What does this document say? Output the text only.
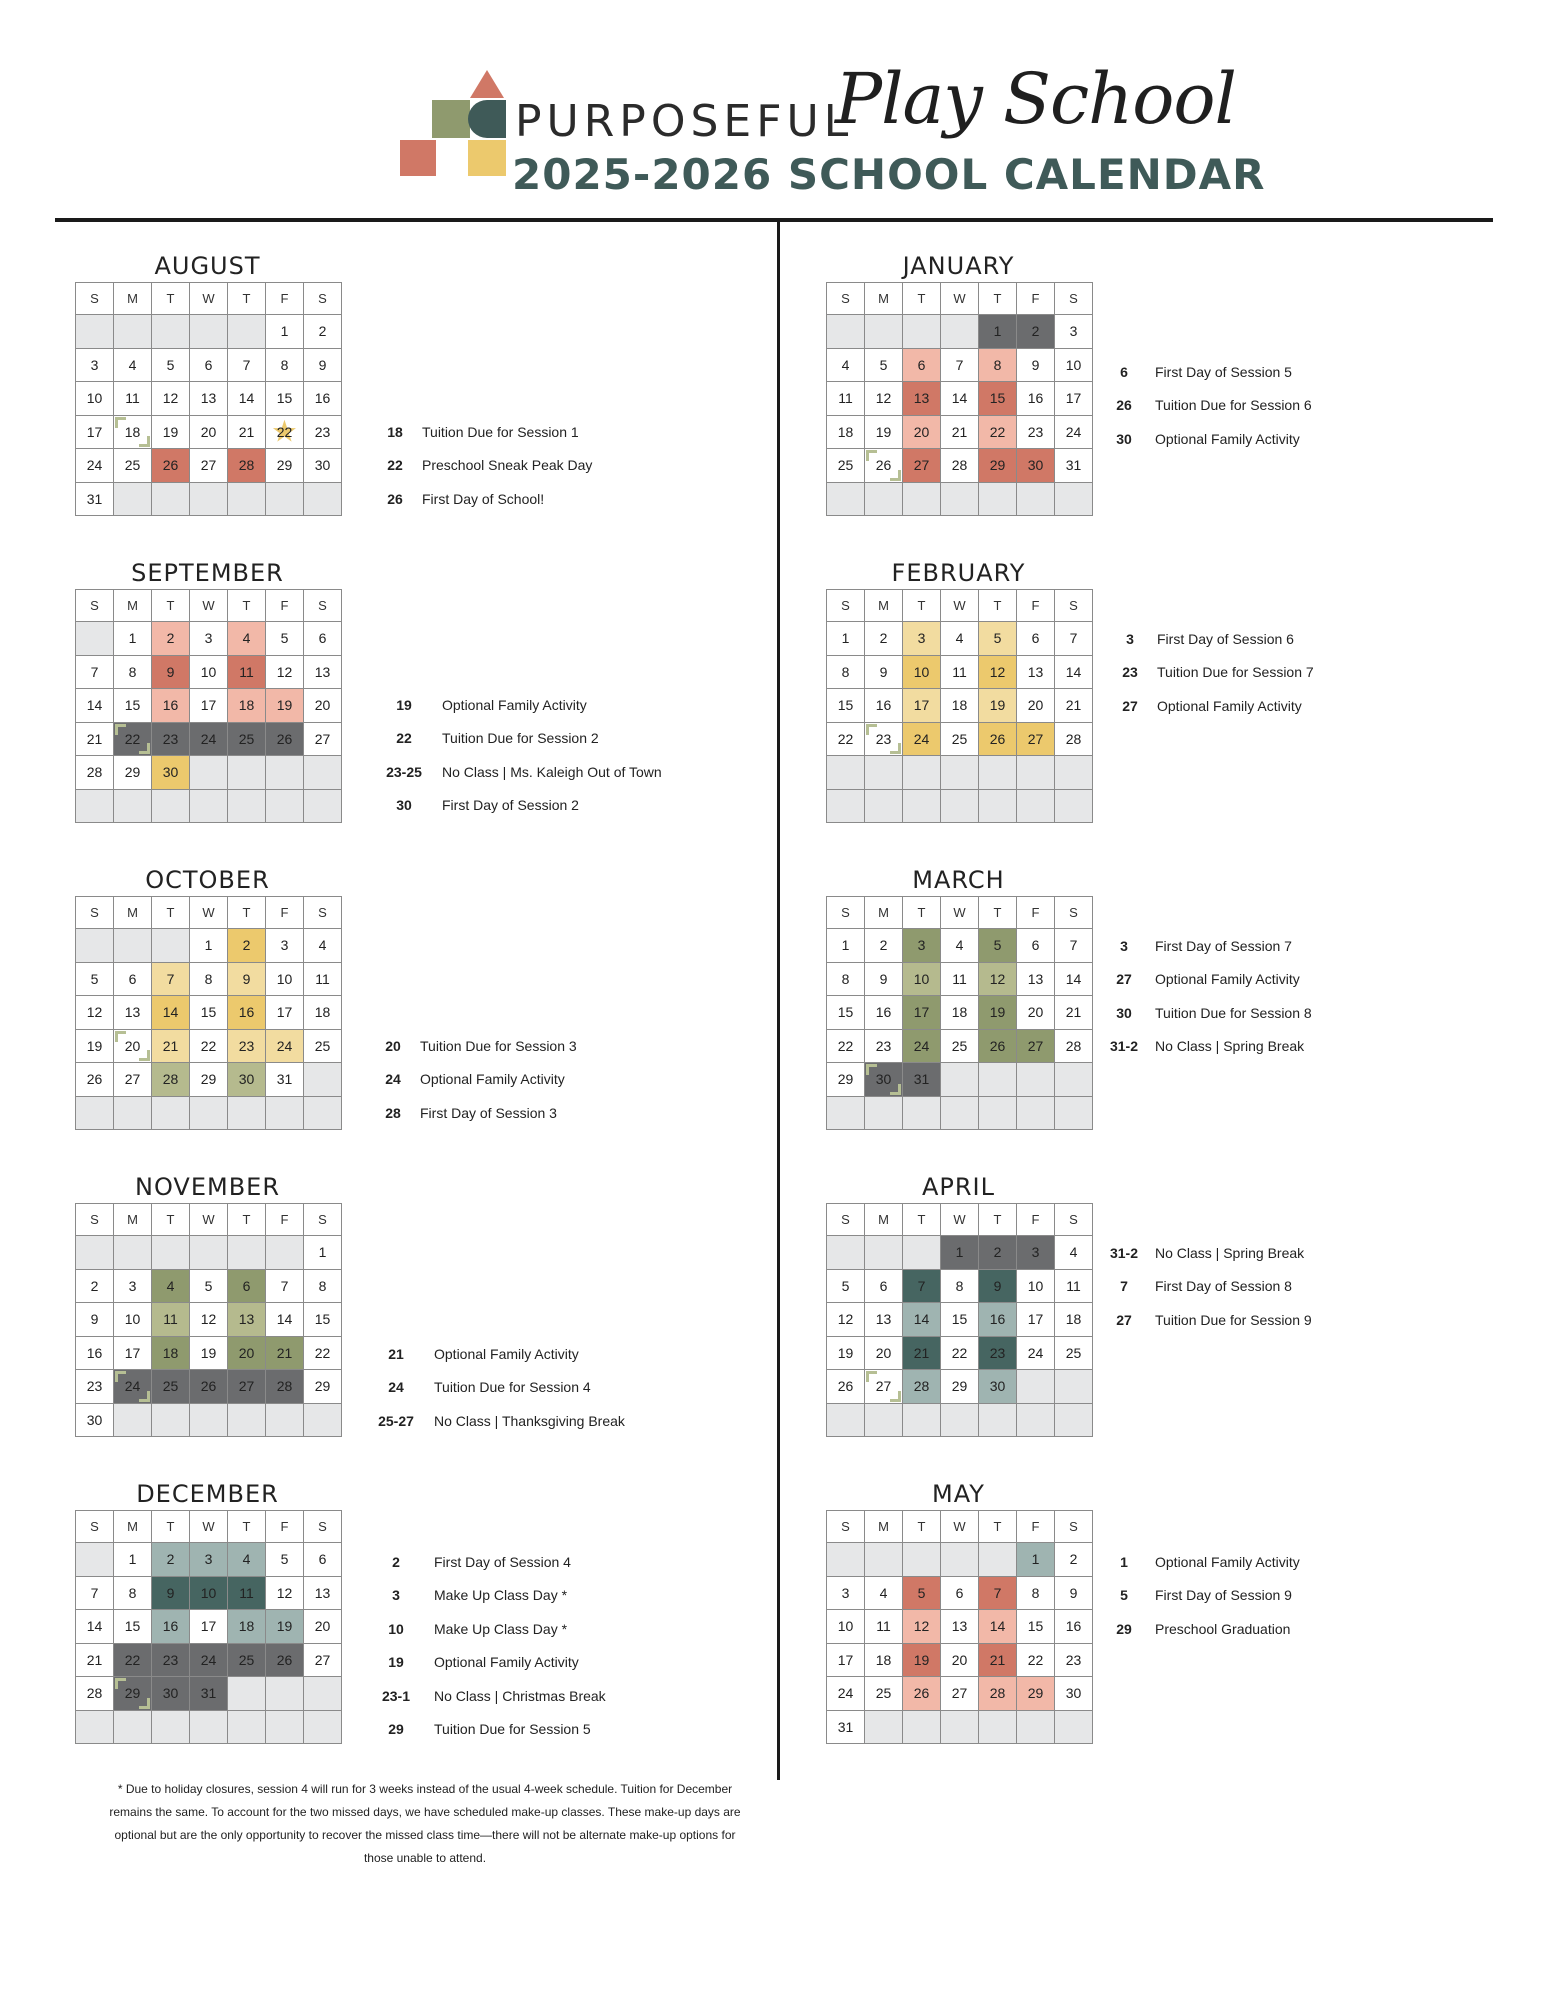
PURPOSEFUL
Play School
2025-2026 SCHOOL CALENDAR
AUGUST
S	M	T	W	T	F	S
1 2
3 4 5 6 7 8 9
10 11 12 13 14 15 16
17 18 19 20 21
★ 22 23
24 25 26 27 28 29 30
31
18	Tuition Due for Session 1
22	Preschool Sneak Peak Day
26	First Day of School!
SEPTEMBER
S	M	T	W	T	F	S
1 2 3 4 5 6
7 8 9 10 11 12 13
14 15 16 17 18 19 20
21 22 23 24 25 26 27
28 29 30
19	Optional Family Activity
22	Tuition Due for Session 2
23-25	No Class | Ms. Kaleigh Out of Town
30	First Day of Session 2
OCTOBER
S	M	T	W	T	F	S
1 2 3 4
5 6 7 8 9 10 11
12 13 14 15 16 17 18
19 20 21 22 23 24 25
26 27 28 29 30 31
20	Tuition Due for Session 3
24	Optional Family Activity
28	First Day of Session 3
NOVEMBER
S	M	T	W	T	F	S
1
2 3 4 5 6 7 8
9 10 11 12 13 14 15
16 17 18 19 20 21 22
23 24 25 26 27 28 29
30
21	Optional Family Activity
24	Tuition Due for Session 4
25-27	No Class | Thanksgiving Break
DECEMBER
S	M	T	W	T	F	S
1 2 3 4 5 6
7 8 9 10 11 12 13
14 15 16 17 18 19 20
21 22 23 24 25 26 27
28 29 30 31
2	First Day of Session 4
3	Make Up Class Day *
10	Make Up Class Day *
19	Optional Family Activity
23-1	No Class | Christmas Break
29	Tuition Due for Session 5
JANUARY
S	M	T	W	T	F	S
1 2 3
4 5 6 7 8 9 10
11 12 13 14 15 16 17
18 19 20 21 22 23 24
25 26 27 28 29 30 31
6	First Day of Session 5
26	Tuition Due for Session 6
30	Optional Family Activity
FEBRUARY
S	M	T	W	T	F	S
1 2 3 4 5 6 7
8 9 10 11 12 13 14
15 16 17 18 19 20 21
22 23 24 25 26 27 28
3	First Day of Session 6
23	Tuition Due for Session 7
27	Optional Family Activity
MARCH
S	M	T	W	T	F	S
1 2 3 4 5 6 7
8 9 10 11 12 13 14
15 16 17 18 19 20 21
22 23 24 25 26 27 28
29 30 31
3	First Day of Session 7
27	Optional Family Activity
30	Tuition Due for Session 8
31-2	No Class | Spring Break
APRIL
S	M	T	W	T	F	S
1 2 3 4
5 6 7 8 9 10 11
12 13 14 15 16 17 18
19 20 21 22 23 24 25
26 27 28 29 30
31-2	No Class | Spring Break
7	First Day of Session 8
27	Tuition Due for Session 9
MAY
S	M	T	W	T	F	S
1 2
3 4 5 6 7 8 9
10 11 12 13 14 15 16
17 18 19 20 21 22 23
24 25 26 27 28 29 30
31
1	Optional Family Activity
5	First Day of Session 9
29	Preschool Graduation
* Due to holiday closures, session 4 will run for 3 weeks instead of the usual 4-week schedule. Tuition for December remains the same. To account for the two missed days, we have scheduled make-up classes. These make-up days are optional but are the only opportunity to recover the missed class time—there will not be alternate make-up options for those unable to attend.
